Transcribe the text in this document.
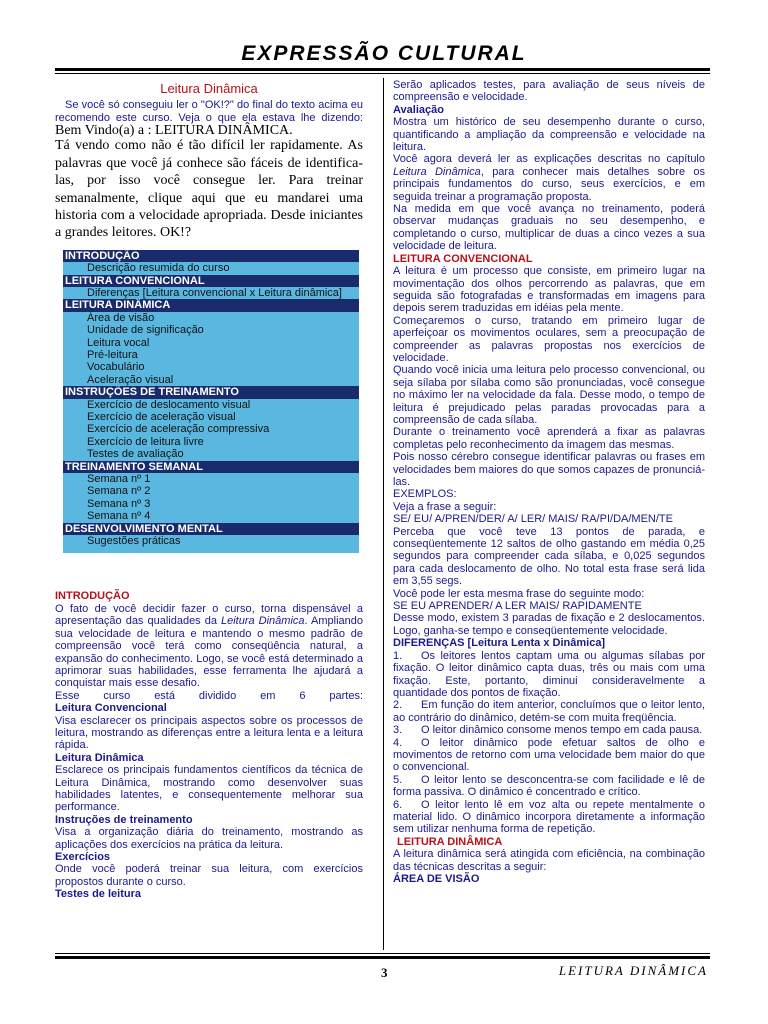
EXPRESSÃO CULTURAL
Leitura Dinâmica

Se você só conseguiu ler o "OK!?" do final do texto acima eu recomendo este curso. Veja o que ela estava lhe dizendo: Bem Vindo(a) a : LEITURA DINÂMICA.

Tá vendo como não é tão difícil ler rapidamente. As palavras que você já conhece são fáceis de identifica-las, por isso você consegue ler. Para treinar semanalmente, clique aqui que eu mandarei uma historia com a velocidade apropriada. Desde iniciantes a grandes leitores. OK!?

INTRODUÇÃO
Descrição resumida do curso
LEITURA CONVENCIONAL
Diferenças [Leitura convencional x Leitura dinâmica]
LEITURA DINÂMICA
Área de visão
Unidade de significação
Leitura vocal
Pré-leitura
Vocabulário
Aceleração visual
INSTRUÇÕES DE TREINAMENTO
Exercício de deslocamento visual
Exercício de aceleração visual
Exercício de aceleração compressiva
Exercício de leitura livre
Testes de avaliação
TREINAMENTO SEMANAL
Semana nº 1
Semana nº 2
Semana nº 3
Semana nº 4
DESENVOLVIMENTO MENTAL
Sugestões práticas

INTRODUÇÃO

O fato de você decidir fazer o curso, torna dispensável a apresentação das qualidades da Leitura Dinâmica. Ampliando sua velocidade de leitura e mantendo o mesmo padrão de compreensão você terá como conseqüência natural, a expansão do conhecimento. Logo, se você está determinado a aprimorar suas habilidades, esse ferramenta lhe ajudará a conquistar mais esse desafio.

Esse curso está dividido em 6 partes:

Leitura Convencional

Visa esclarecer os principais aspectos sobre os processos de leitura, mostrando as diferenças entre a leitura lenta e a leitura rápida.

Leitura Dinâmica

Esclarece os principais fundamentos científicos da técnica de Leitura Dinâmica, mostrando como desenvolver suas habilidades latentes, e consequentemente melhorar sua performance.

Instruções de treinamento

Visa a organização diária do treinamento, mostrando as aplicações dos exercícios na prática da leitura.

Exercícios

Onde você poderá treinar sua leitura, com exercícios propostos durante o curso.

Testes de leitura

Serão aplicados testes, para avaliação de seus níveis de compreensão e velocidade.

Avaliação

Mostra um histórico de seu desempenho durante o curso, quantificando a ampliação da compreensão e velocidade na leitura.

Você agora deverá ler as explicações descritas no capítulo Leitura Dinâmica, para conhecer mais detalhes sobre os principais fundamentos do curso, seus exercícios, e em seguida treinar a programação proposta.

Na medida em que você avança no treinamento, poderá observar mudanças graduais no seu desempenho, e completando o curso, multiplicar de duas a cinco vezes a sua velocidade de leitura.

LEITURA CONVENCIONAL

A leitura é um processo que consiste, em primeiro lugar na movimentação dos olhos percorrendo as palavras, que em seguida são fotografadas e transformadas em imagens para depois serem traduzidas em idéias pela mente.

Começaremos o curso, tratando em primeiro lugar de aperfeiçoar os movimentos oculares, sem a preocupação de compreender as palavras propostas nos exercícios de velocidade.

Quando você inicia uma leitura pelo processo convencional, ou seja sílaba por sílaba como são pronunciadas, você consegue no máximo ler na velocidade da fala. Desse modo, o tempo de leitura é prejudicado pelas paradas provocadas para a compreensão de cada sílaba.

Durante o treinamento você aprenderá a fixar as palavras completas pelo reconhecimento da imagem das mesmas.

Pois nosso cérebro consegue identificar palavras ou frases em velocidades bem maiores do que somos capazes de pronunciá-las.

EXEMPLOS:

Veja a frase a seguir:

SE/ EU/ A/PREN/DER/ A/ LER/ MAIS/ RA/PI/DA/MEN/TE

Perceba que você teve 13 pontos de parada, e conseqüentemente 12 saltos de olho gastando em média 0,25 segundos para compreender cada sílaba, e 0,025 segundos para cada deslocamento de olho. No total esta frase será lida em 3,55 segs.

Você pode ler esta mesma frase do seguinte modo:

SE EU APRENDER/ A LER MAIS/ RAPIDAMENTE

Desse modo, existem 3 paradas de fixação e 2 deslocamentos. Logo, ganha-se tempo e conseqüentemente velocidade.

DIFERENÇAS [Leitura Lenta x Dinâmica]

1. Os leitores lentos captam uma ou algumas sílabas por fixação. O leitor dinâmico capta duas, três ou mais com uma fixação. Este, portanto, diminui consideravelmente a quantidade dos pontos de fixação.

2. Em função do item anterior, concluímos que o leitor lento, ao contrário do dinâmico, detém-se com muita freqüência.

3. O leitor dinâmico consome menos tempo em cada pausa.

4. O leitor dinâmico pode efetuar saltos de olho e movimentos de retorno com uma velocidade bem maior do que o convencional.

5. O leitor lento se desconcentra-se com facilidade e lê de forma passiva. O dinâmico é concentrado e crítico.

6. O leitor lento lê em voz alta ou repete mentalmente o material lido. O dinâmico incorpora diretamente a informação sem utilizar nenhuma forma de repetição.

LEITURA DINÂMICA

A leitura dinâmica será atingida com eficiência, na combinação das técnicas descritas a seguir:

ÁREA DE VISÃO

3	LEITURA DINÂMICA
